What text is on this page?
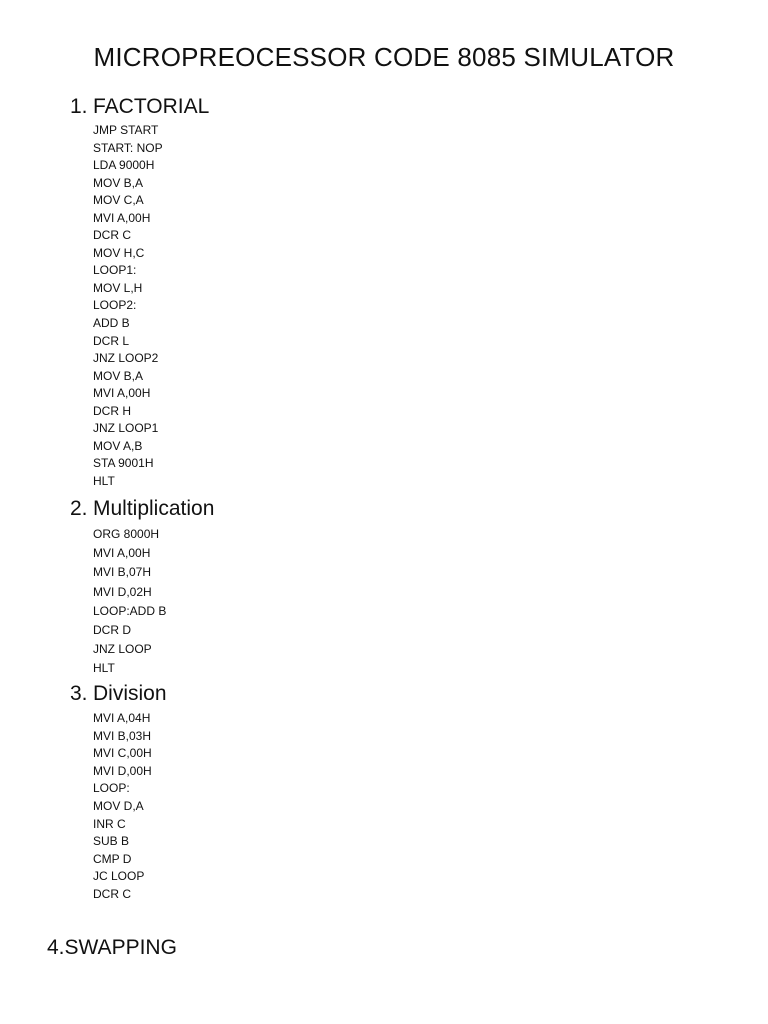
MICROPREOCESSOR CODE 8085 SIMULATOR
1. FACTORIAL
JMP START
START: NOP
LDA 9000H
MOV B,A
MOV C,A
MVI A,00H
DCR C
MOV H,C
LOOP1:
MOV L,H
LOOP2:
ADD B
DCR L
JNZ LOOP2
MOV B,A
MVI A,00H
DCR H
JNZ LOOP1
MOV A,B
STA 9001H
HLT
2. Multiplication
ORG 8000H
MVI A,00H
MVI B,07H
MVI D,02H
LOOP:ADD B
DCR D
JNZ LOOP
HLT
3. Division
MVI A,04H
MVI B,03H
MVI C,00H
MVI D,00H
LOOP:
MOV D,A
INR C
SUB B
CMP D
JC LOOP
DCR C
4.SWAPPING
